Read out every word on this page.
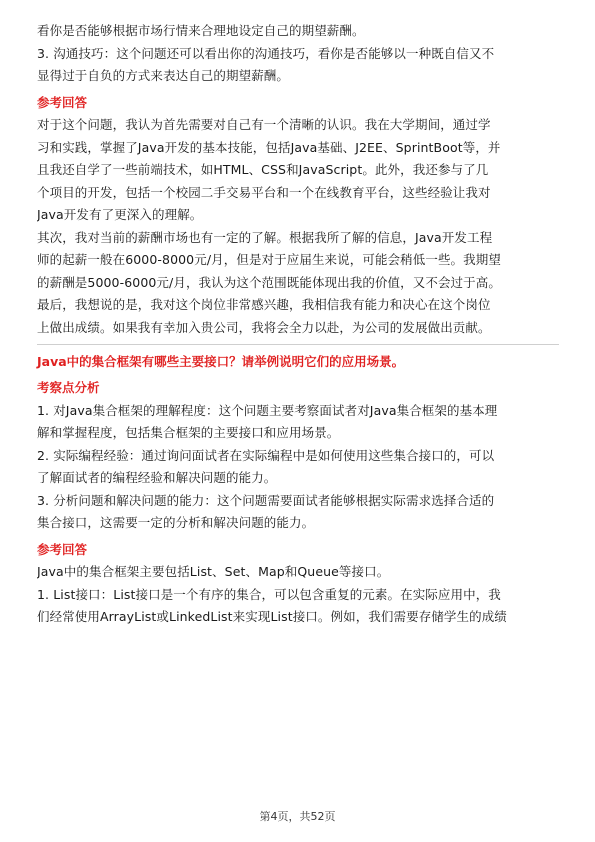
看你是否能够根据市场行情来合理地设定自己的期望薪酬。
3. 沟通技巧：这个问题还可以看出你的沟通技巧，看你是否能够以一种既自信又不
显得过于自负的方式来表达自己的期望薪酬。
参考回答
对于这个问题，我认为首先需要对自己有一个清晰的认识。我在大学期间，通过学
习和实践，掌握了Java开发的基本技能，包括Java基础、J2EE、SprintBoot等，并
且我还自学了一些前端技术，如HTML、CSS和JavaScript。此外，我还参与了几
个项目的开发，包括一个校园二手交易平台和一个在线教育平台，这些经验让我对
Java开发有了更深入的理解。
其次，我对当前的薪酬市场也有一定的了解。根据我所了解的信息，Java开发工程
师的起薪一般在6000-8000元/月，但是对于应届生来说，可能会稍低一些。我期望
的薪酬是5000-6000元/月，我认为这个范围既能体现出我的价值，又不会过于高。
最后，我想说的是，我对这个岗位非常感兴趣，我相信我有能力和决心在这个岗位
上做出成绩。如果我有幸加入贵公司，我将会全力以赴，为公司的发展做出贡献。
Java中的集合框架有哪些主要接口？请举例说明它们的应用场景。
考察点分析
1. 对Java集合框架的理解程度：这个问题主要考察面试者对Java集合框架的基本理
解和掌握程度，包括集合框架的主要接口和应用场景。
2. 实际编程经验：通过询问面试者在实际编程中是如何使用这些集合接口的，可以
了解面试者的编程经验和解决问题的能力。
3. 分析问题和解决问题的能力：这个问题需要面试者能够根据实际需求选择合适的
集合接口，这需要一定的分析和解决问题的能力。
参考回答
Java中的集合框架主要包括List、Set、Map和Queue等接口。
1. List接口：List接口是一个有序的集合，可以包含重复的元素。在实际应用中，我
们经常使用ArrayList或LinkedList来实现List接口。例如，我们需要存储学生的成绩
第4页，共52页
